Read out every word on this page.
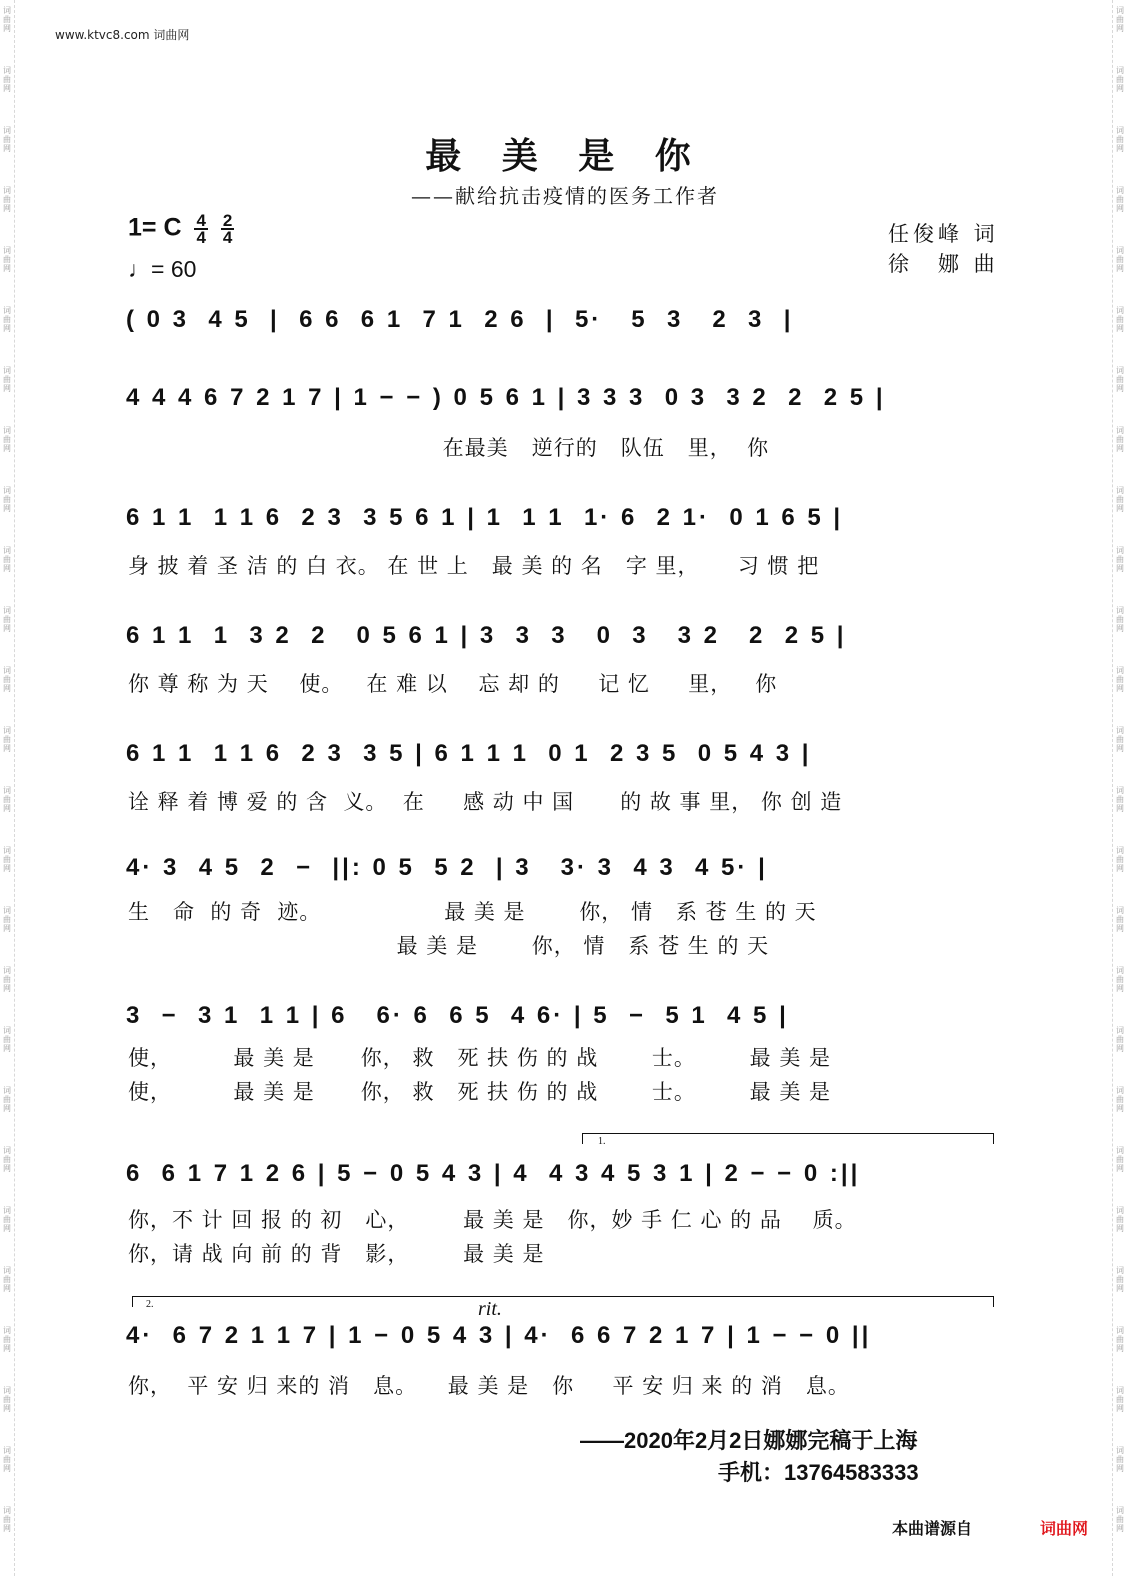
词
曲
网
词
曲
网
词
曲
网
词
曲
网
词
曲
网
词
曲
网
词
曲
网
词
曲
网
词
曲
网
词
曲
网
词
曲
网
词
曲
网
词
曲
网
词
曲
网
词
曲
网
词
曲
网
词
曲
网
词
曲
网
词
曲
网
词
曲
网
词
曲
网
词
曲
网
词
曲
网
词
曲
网
词
曲
网
词
曲
网
词
曲
网
词
曲
网
词
曲
网
词
曲
网
词
曲
网
词
曲
网
词
曲
网
词
曲
网
词
曲
网
词
曲
网
词
曲
网
词
曲
网
词
曲
网
词
曲
网
词
曲
网
词
曲
网
词
曲
网
词
曲
网
词
曲
网
词
曲
网
词
曲
网
词
曲
网
词
曲
网
词
曲
网
词
曲
网
词
曲
网
www.ktvc8.com 词曲网
最 美 是 你
——献给抗击疫情的医务工作者
1= C $\frac{4}{4}$
$\frac{2}{4}$
♩= 60
任俊峰 词
徐　娜 曲
( 0 3  4 5  |  6 6  6 1  7 1  2 6  |  5·   5  3   2  3  |
4 4 4 6 7 2 1 7 | 1 − − ) 0 5 6 1 | 3 3 3  0 3  3 2  2  2 5 |
在最美   逆行的   队伍   里，  你
6 1 1  1 1 6  2 3  3 5 6 1 | 1  1 1  1· 6  2 1·  0 1 6 5 |
身 披 着 圣 洁 的 白 衣。 在 世 上   最 美 的 名   字 里，     习 惯 把
6 1 1  1  3 2  2   0 5 6 1 | 3  3  3   0  3   3 2   2  2 5 |
你 尊 称 为 天    使。   在 难 以    忘 却 的     记 忆     里，   你
6 1 1  1 1 6  2 3  3 5 | 6 1 1 1  0 1  2 3 5  0 5 4 3 |
诠 释 着 博 爱 的 含  义。  在     感 动 中 国      的 故 事 里， 你 创 造
4· 3  4 5  2  −  ||: 0 5  5 2  | 3   3· 3  4 3  4 5· |
生   命  的 奇  迹。                最 美 是       你， 情   系 苍 生 的 天
最 美 是       你， 情   系 苍 生 的 天
3  −  3 1  1 1 | 6   6· 6  6 5  4 6· | 5  −  5 1  4 5 |
使，        最 美 是      你， 救   死 扶 伤 的 战       士。       最 美 是
使，        最 美 是      你， 救   死 扶 伤 的 战       士。       最 美 是
1.
6  6 1 7 1 2 6 | 5 − 0 5 4 3 | 4  4 3 4 5 3 1 | 2 − − 0 :||
你，不 计 回 报 的 初   心，       最 美 是   你，妙 手 仁 心 的 品    质。
你，请 战 向 前 的 背   影，       最 美 是
2.	rit.
4·  6 7 2 1 1 7 | 1 − 0 5 4 3 | 4·  6 6 7 2 1 7 | 1 − − 0 ||
你，  平 安 归 来的 消   息。    最 美 是   你     平 安 归 来 的 消   息。
——2020年2月2日娜娜完稿于上海
手机：13764583333
本曲谱源自	词曲网
